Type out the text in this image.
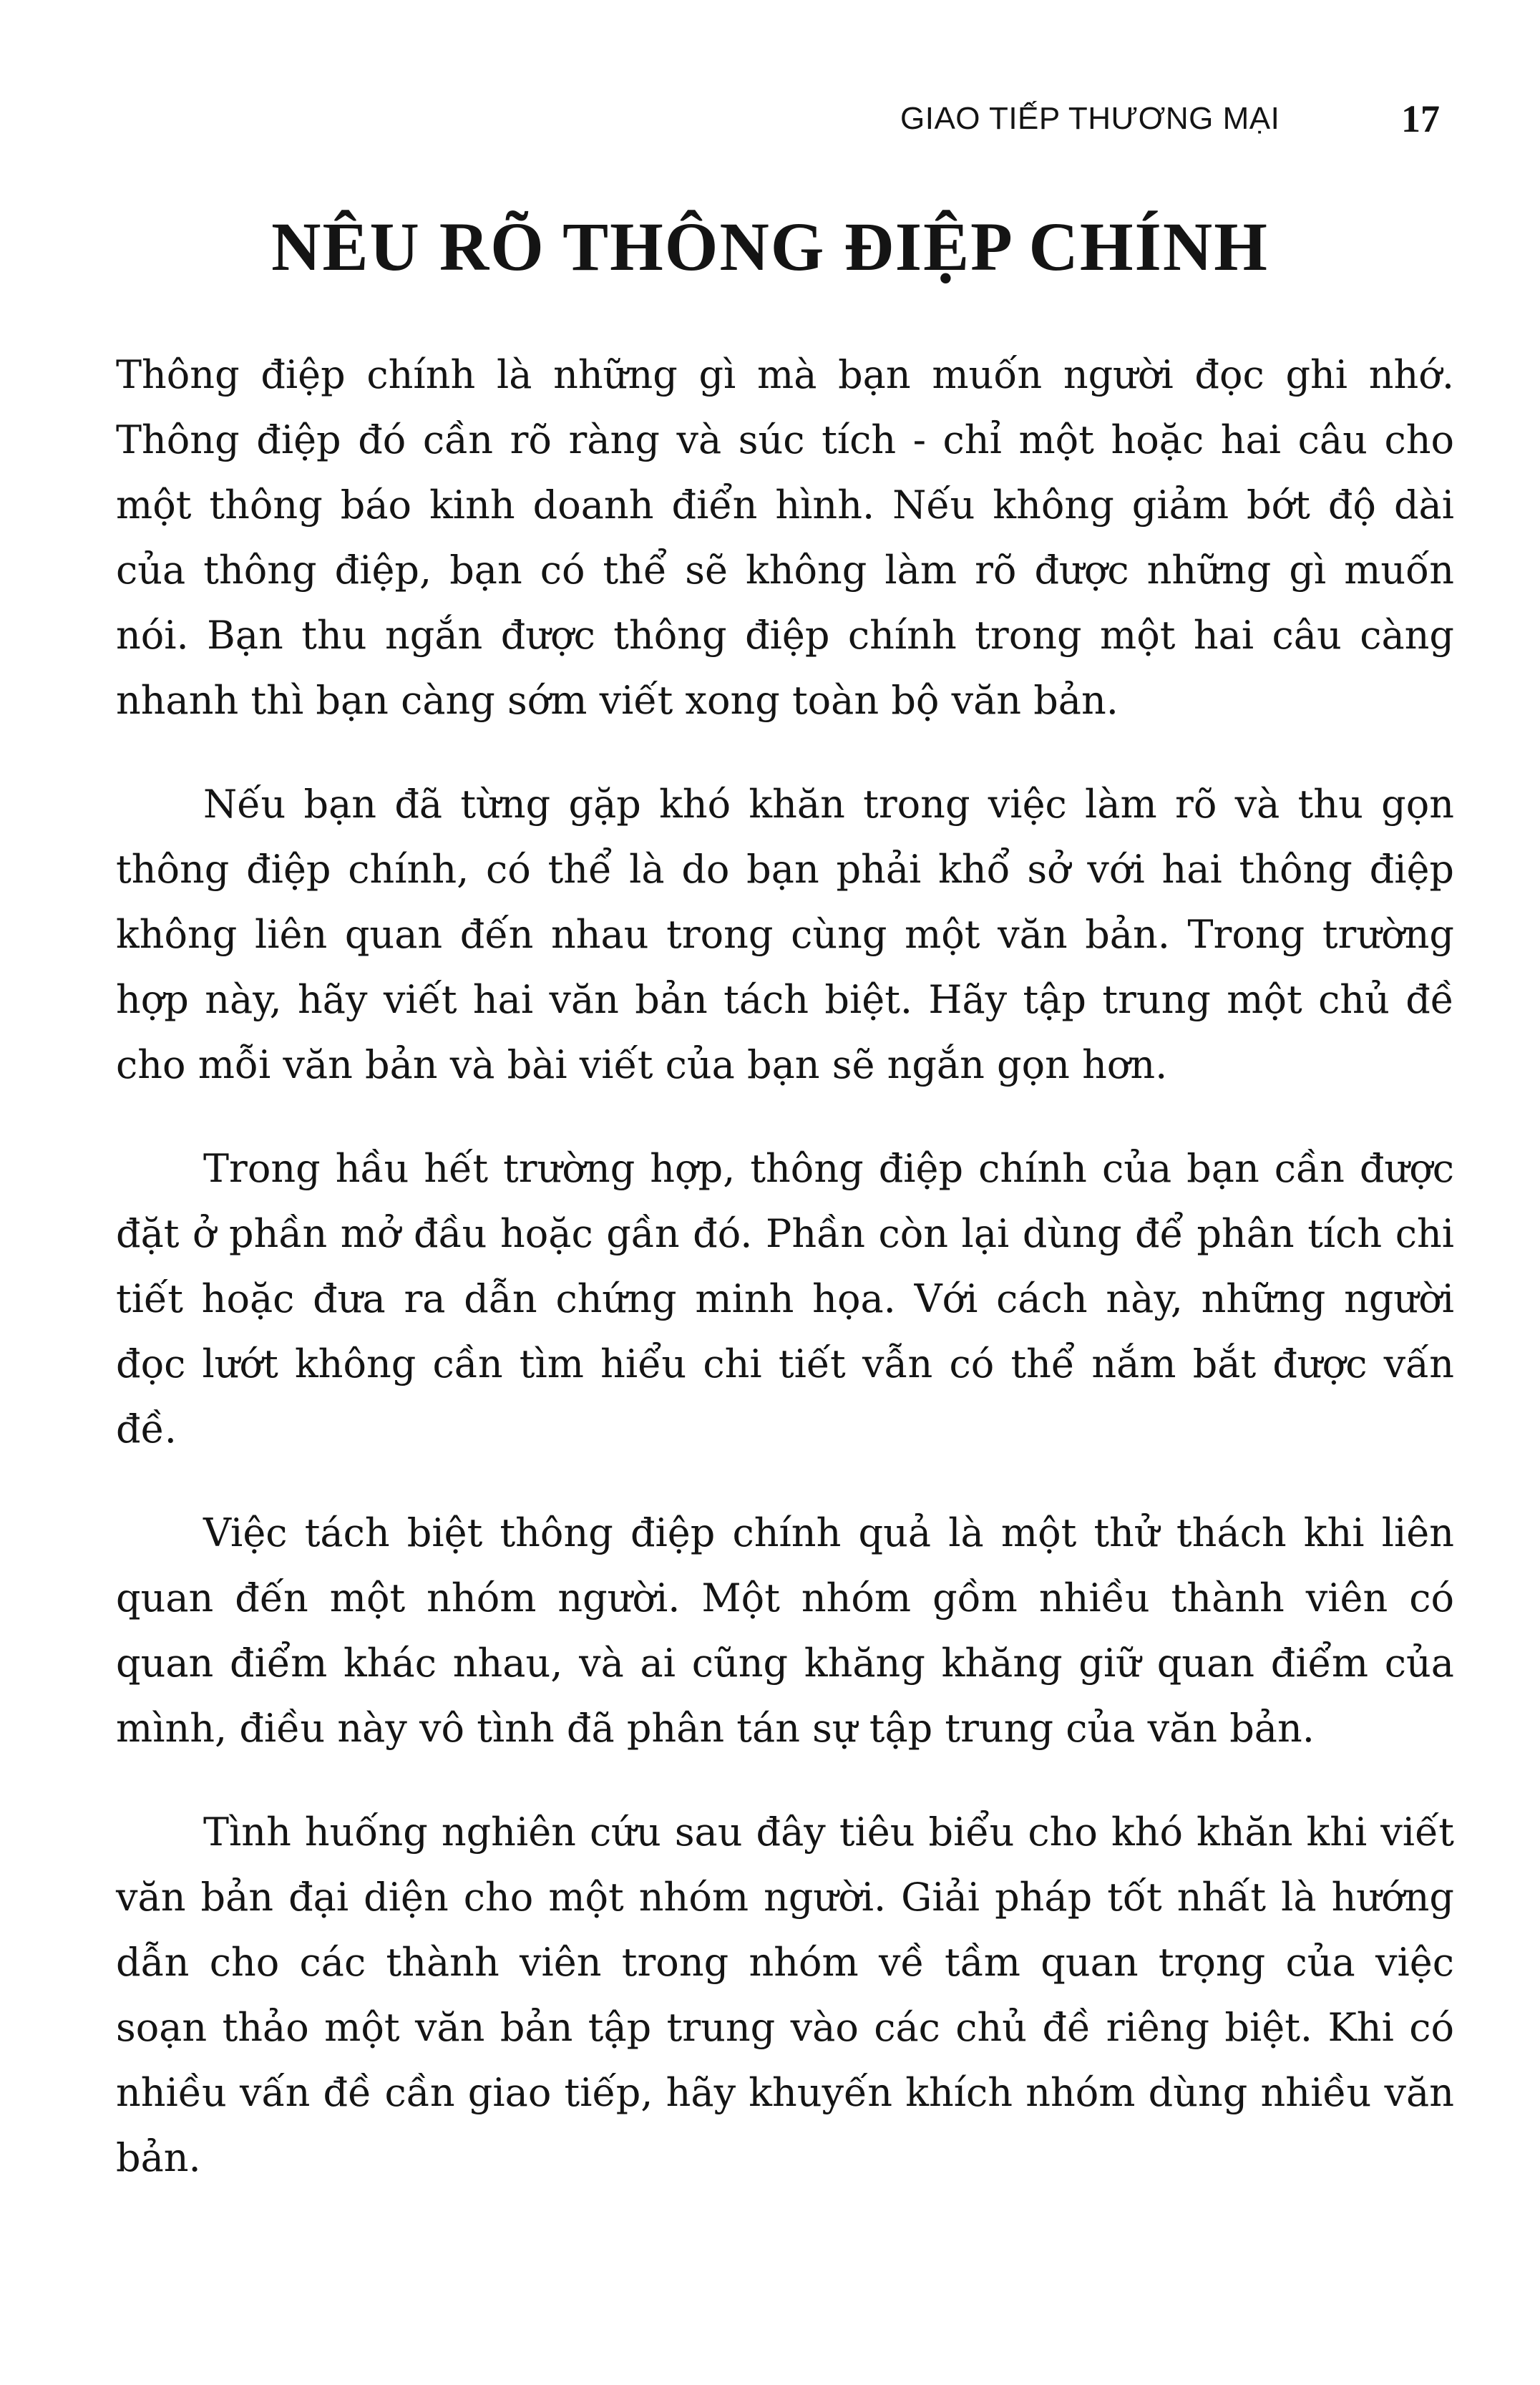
GIAO TIẾP THƯƠNG MẠI	17
NÊU RÕ THÔNG ĐIỆP CHÍNH

Thông điệp chính là những gì mà bạn muốn người đọc ghi nhớ. Thông điệp đó cần rõ ràng và súc tích - chỉ một hoặc hai câu cho một thông báo kinh doanh điển hình. Nếu không giảm bớt độ dài của thông điệp, bạn có thể sẽ không làm rõ được những gì muốn nói. Bạn thu ngắn được thông điệp chính trong một hai câu càng nhanh thì bạn càng sớm viết xong toàn bộ văn bản.

Nếu bạn đã từng gặp khó khăn trong việc làm rõ và thu gọn thông điệp chính, có thể là do bạn phải khổ sở với hai thông điệp không liên quan đến nhau trong cùng một văn bản. Trong trường hợp này, hãy viết hai văn bản tách biệt. Hãy tập trung một chủ đề cho mỗi văn bản và bài viết của bạn sẽ ngắn gọn hơn.

Trong hầu hết trường hợp, thông điệp chính của bạn cần được đặt ở phần mở đầu hoặc gần đó. Phần còn lại dùng để phân tích chi tiết hoặc đưa ra dẫn chứng minh họa. Với cách này, những người đọc lướt không cần tìm hiểu chi tiết vẫn có thể nắm bắt được vấn đề.

Việc tách biệt thông điệp chính quả là một thử thách khi liên quan đến một nhóm người. Một nhóm gồm nhiều thành viên có quan điểm khác nhau, và ai cũng khăng khăng giữ quan điểm của mình, điều này vô tình đã phân tán sự tập trung của văn bản.

Tình huống nghiên cứu sau đây tiêu biểu cho khó khăn khi viết văn bản đại diện cho một nhóm người. Giải pháp tốt nhất là hướng dẫn cho các thành viên trong nhóm về tầm quan trọng của việc soạn thảo một văn bản tập trung vào các chủ đề riêng biệt. Khi có nhiều vấn đề cần giao tiếp, hãy khuyến khích nhóm dùng nhiều văn bản.
